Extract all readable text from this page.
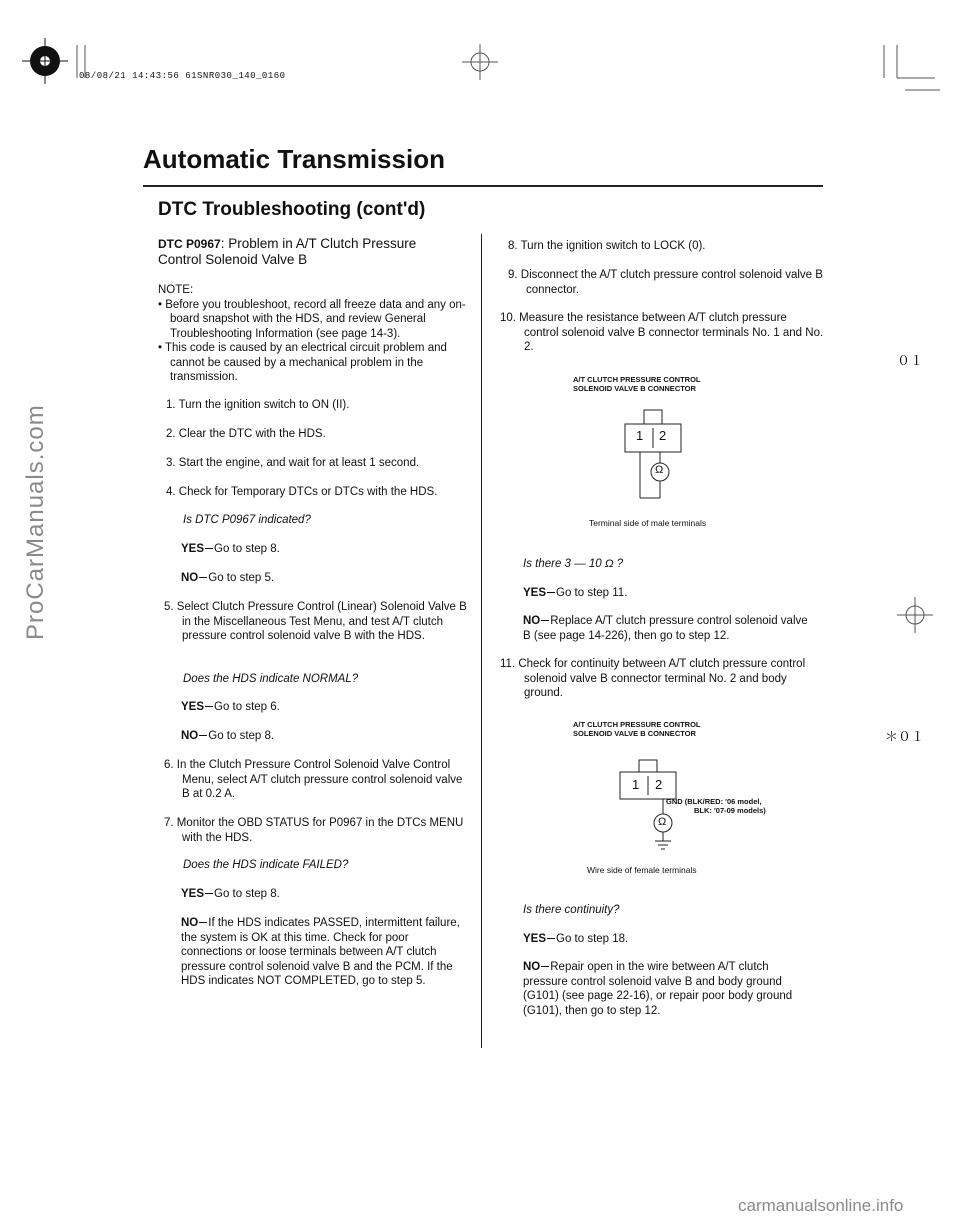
08/08/21 14:43:56 61SNR030_140_0160
Automatic Transmission
DTC Troubleshooting (cont'd)
DTC P0967: Problem in A/T Clutch Pressure
Control Solenoid Valve B
NOTE:
• Before you troubleshoot, record all freeze data and any on-board snapshot with the HDS, and review General Troubleshooting Information (see page 14-3).
• This code is caused by an electrical circuit problem and cannot be caused by a mechanical problem in the transmission.
1. Turn the ignition switch to ON (II).
2. Clear the DTC with the HDS.
3. Start the engine, and wait for at least 1 second.
4. Check for Temporary DTCs or DTCs with the HDS.
Is DTC P0967 indicated?
YES Go to step 8.
NO Go to step 5.
5. Select Clutch Pressure Control (Linear) Solenoid Valve B in the Miscellaneous Test Menu, and test A/T clutch pressure control solenoid valve B with the HDS.
Does the HDS indicate NORMAL?
YES Go to step 6.
NO Go to step 8.
6. In the Clutch Pressure Control Solenoid Valve Control Menu, select A/T clutch pressure control solenoid valve B at 0.2 A.
7. Monitor the OBD STATUS for P0967 in the DTCs MENU with the HDS.
Does the HDS indicate FAILED?
YES Go to step 8.
NO If the HDS indicates PASSED, intermittent failure, the system is OK at this time. Check for poor connections or loose terminals between A/T clutch pressure control solenoid valve B and the PCM. If the HDS indicates NOT COMPLETED, go to step 5.
8. Turn the ignition switch to LOCK (0).
9. Disconnect the A/T clutch pressure control solenoid valve B connector.
10. Measure the resistance between A/T clutch pressure control solenoid valve B connector terminals No. 1 and No. 2.
A/T CLUTCH PRESSURE CONTROL
SOLENOID VALVE B CONNECTOR
1 2
Ω
Terminal side of male terminals
Is there 3 — 10 Ω ?
YES Go to step 11.
NO Replace A/T clutch pressure control solenoid valve B (see page 14-226), then go to step 12.
11. Check for continuity between A/T clutch pressure control solenoid valve B connector terminal No. 2 and body ground.
A/T CLUTCH PRESSURE CONTROL
SOLENOID VALVE B CONNECTOR
1 2
Ω
GND (BLK/RED: '06 model,
BLK: '07-09 models)
Wire side of female terminals
Is there continuity?
YES Go to step 18.
NO Repair open in the wire between A/T clutch pressure control solenoid valve B and body ground (G101) (see page 22-16), or repair poor body ground (G101), then go to step 12.
０１
＊０１
ProCarManuals.com
carmanualsonline.info
